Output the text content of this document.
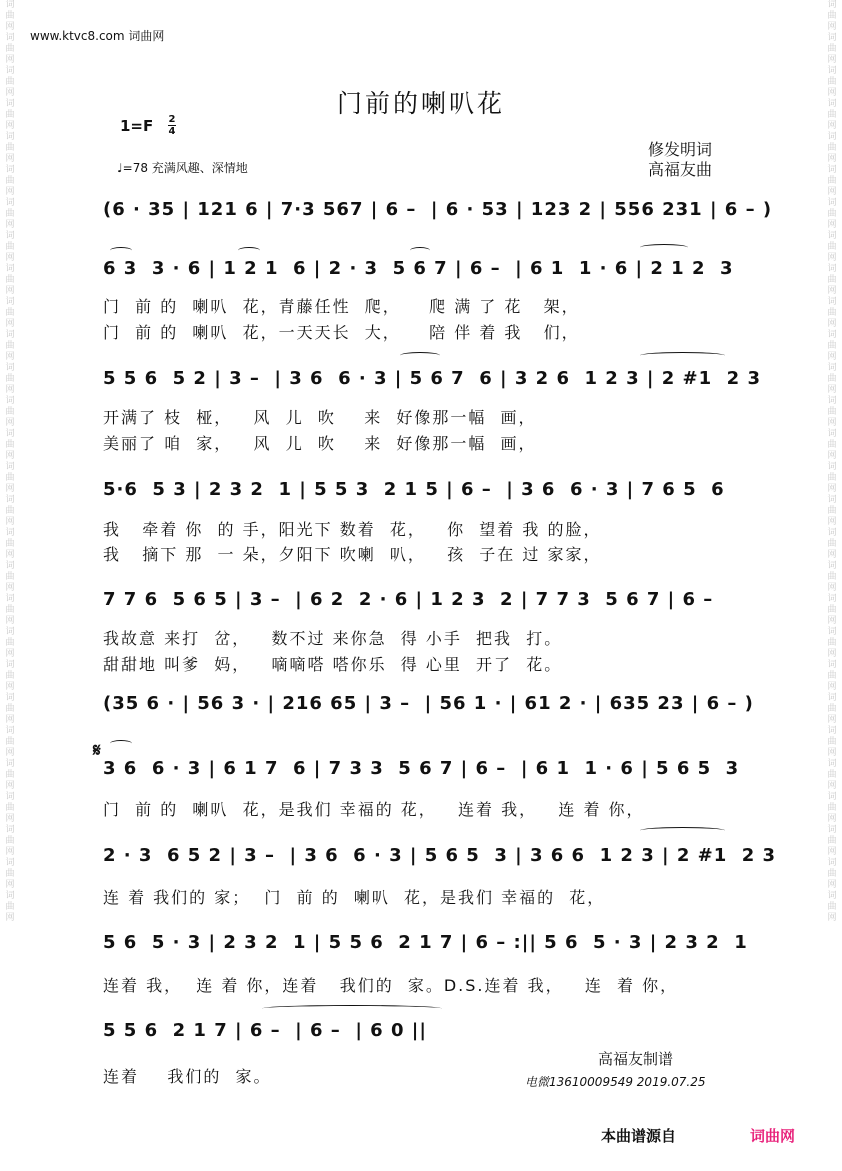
www.ktvc8.com 词曲网
词曲网词曲网词曲网词曲网词曲网词曲网词曲网词曲网词曲网词曲网词曲网词曲网词曲网词曲网词曲网词曲网词曲网词曲网词曲网词曲网词曲网词曲网词曲网词曲网词曲网词曲网词曲网词曲网
词曲网词曲网词曲网词曲网词曲网词曲网词曲网词曲网词曲网词曲网词曲网词曲网词曲网词曲网词曲网词曲网词曲网词曲网词曲网词曲网词曲网词曲网词曲网词曲网词曲网词曲网词曲网词曲网
门前的喇叭花
1=F 2
4
♩=78 充满风趣、深情地
修发明词
高福友曲
(6 · 35 | 121 6 | 7·3 567 | 6 –  | 6 · 53 | 123 2 | 556 231 | 6 – )
6 3  3 · 6 | 1 2 1  6 | 2 · 3  5 6 7 | 6 –  | 6 1  1 · 6 | 2 1 2  3
门  前 的  喇叭  花，青藤任性  爬，    爬 满 了 花   架，
门  前 的  喇叭  花，一天天长  大，    陪 伴 着 我   们，
5 5 6  5 2 | 3 –  | 3 6  6 · 3 | 5 6 7  6 | 3 2 6  1 2 3 | 2 #1  2 3
开满了 枝  桠，   风  儿  吹    来  好像那一幅  画，
美丽了 咱  家，   风  儿  吹    来  好像那一幅  画，
5·6  5 3 | 2 3 2  1 | 5 5 3  2 1 5 | 6 –  | 3 6  6 · 3 | 7 6 5  6
我   牵着 你  的 手，阳光下 数着  花，   你  望着 我 的脸，
我   摘下 那  一 朵，夕阳下 吹喇  叭，   孩  子在 过 家家，
7 7 6  5 6 5 | 3 –  | 6 2  2 · 6 | 1 2 3  2 | 7 7 3  5 6 7 | 6 –
我故意 来打  岔，   数不过 来你急  得 小手  把我  打。
甜甜地 叫爹  妈，   嘀嘀嗒 嗒你乐  得 心里  开了  花。
(35 6 · | 56 3 · | 216 65 | 3 –  | 56 1 · | 61 2 · | 635 23 | 6 – )
𝄋
3 6  6 · 3 | 6 1 7  6 | 7 3 3  5 6 7 | 6 –  | 6 1  1 · 6 | 5 6 5  3
门  前 的  喇叭  花，是我们 幸福的 花，   连着 我，   连 着 你，
2 · 3  6 5 2 | 3 –  | 3 6  6 · 3 | 5 6 5  3 | 3 6 6  1 2 3 | 2 #1  2 3
连 着 我们的 家；  门  前 的  喇叭  花，是我们 幸福的  花，
5 6  5 · 3 | 2 3 2  1 | 5 5 6  2 1 7 | 6 – :|| 5 6  5 · 3 | 2 3 2  1
连着 我，  连 着 你，连着   我们的  家。D.S.连着 我，   连  着 你，
5 5 6  2 1 7 | 6 –  | 6 –  | 6 0 ||
连着    我们的  家。
高福友制谱
电微13610009549 2019.07.25
本曲谱源自	词曲网
